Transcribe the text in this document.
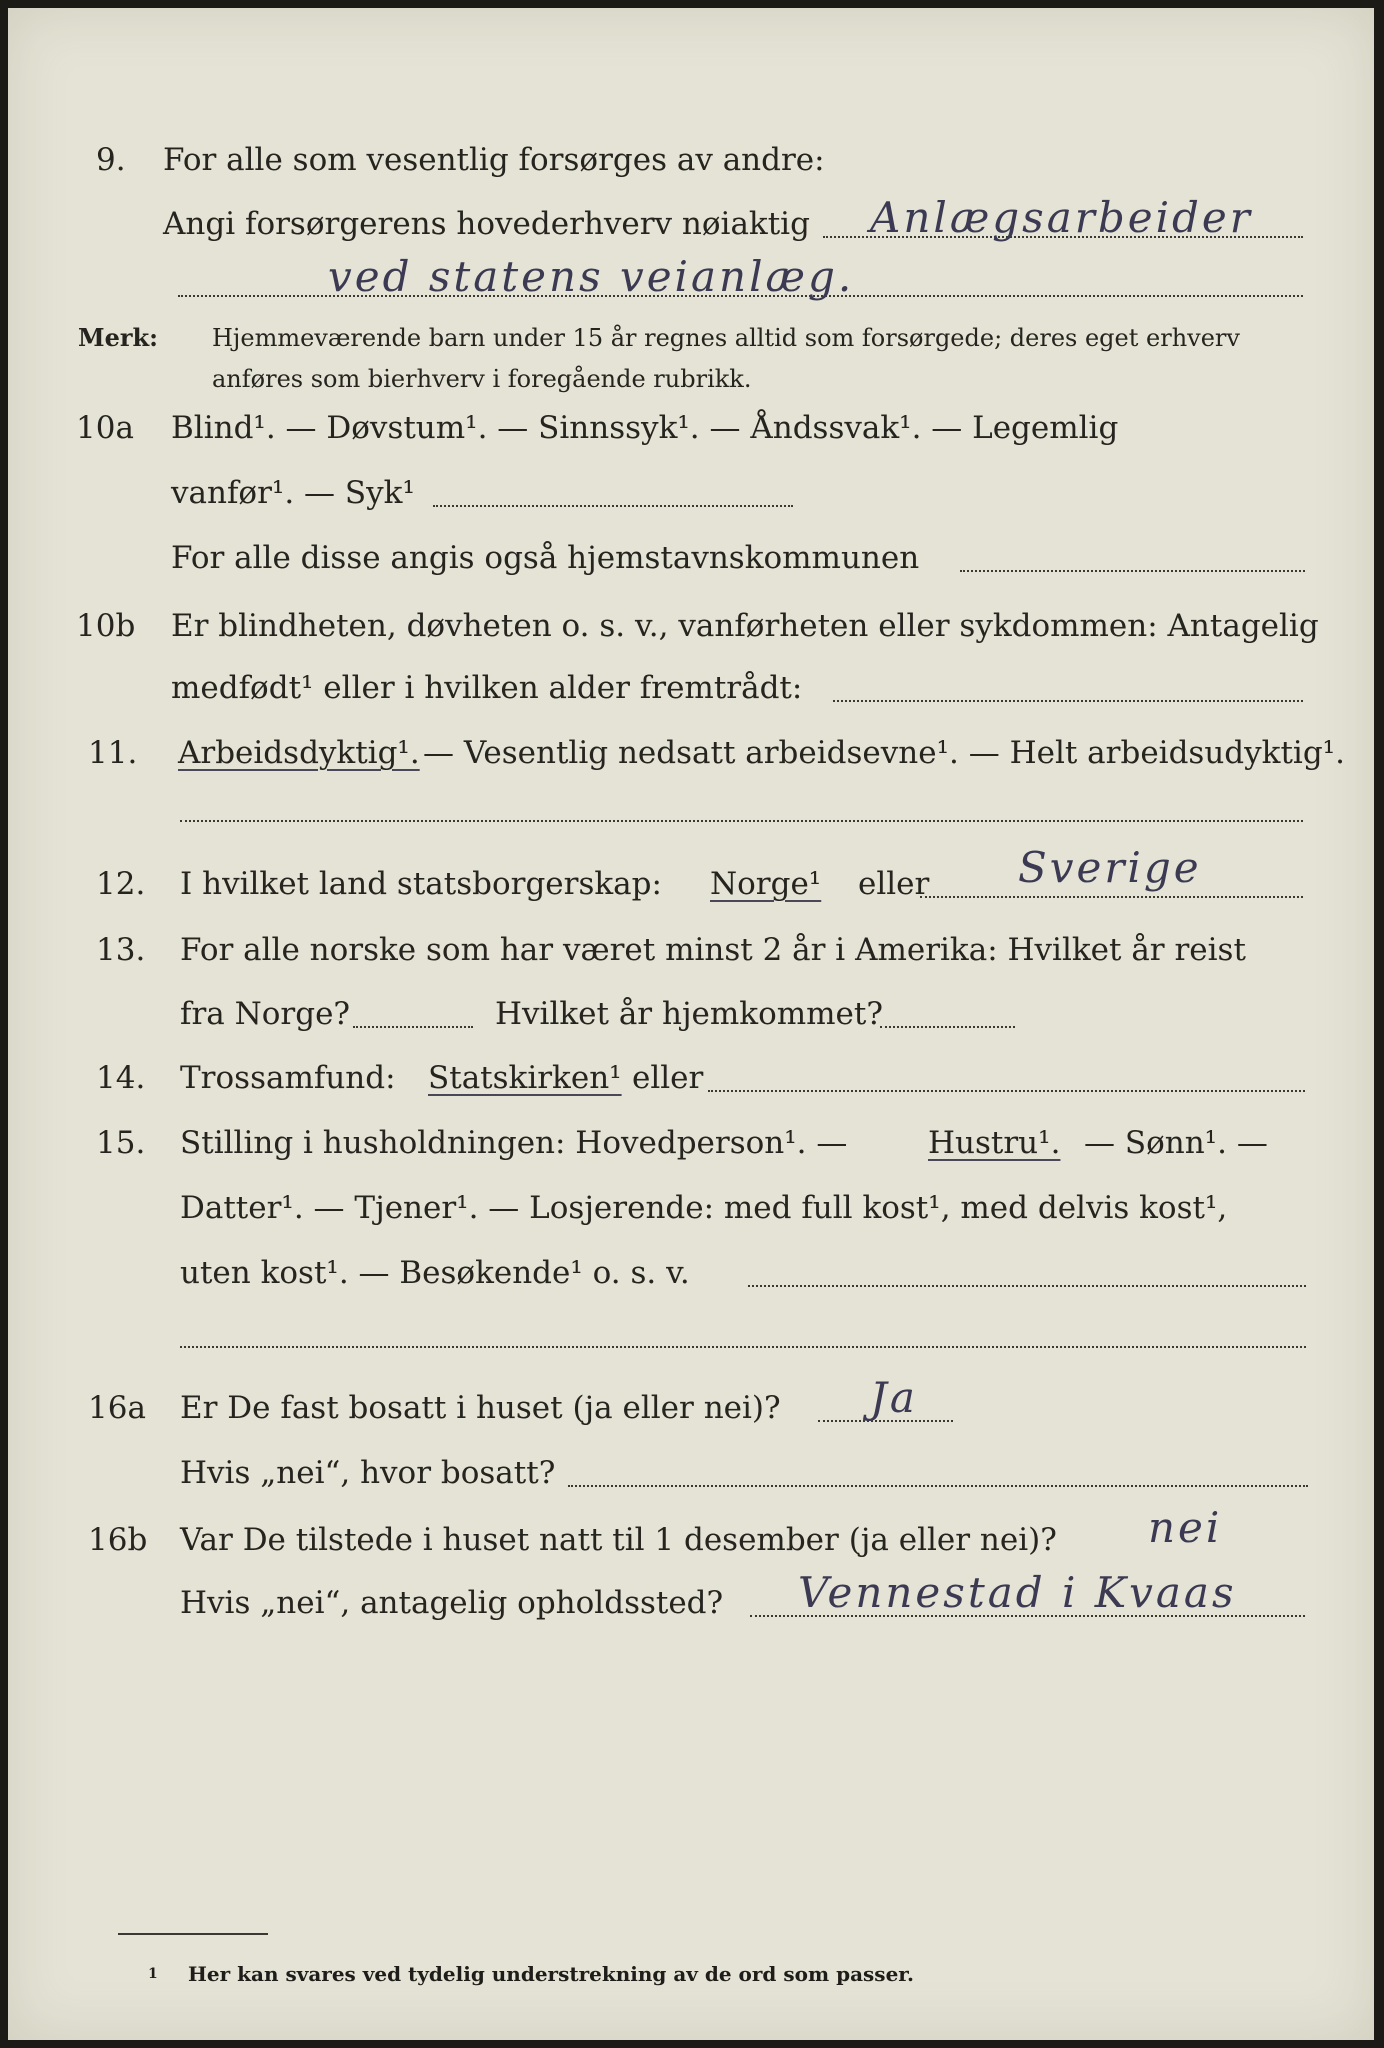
9. For alle som vesentlig forsørges av andre:
Angi forsørgerens hovederhverv nøiaktig Anlægsarbeider
ved statens veianlæg.
Merk: Hjemmeværende barn under 15 år regnes alltid som forsørgede; deres eget erhverv
anføres som bierhverv i foregående rubrikk.
10a Blind¹. — Døvstum¹. — Sinnssyk¹. — Åndssvak¹. — Legemlig
vanfør¹. — Syk¹
For alle disse angis også hjemstavnskommunen
10b Er blindheten, døvheten o. s. v., vanførheten eller sykdommen: Antagelig
medfødt¹ eller i hvilken alder fremtrådt:
11. Arbeidsdyktig¹. — Vesentlig nedsatt arbeidsevne¹. — Helt arbeidsudyktig¹.
12. I hvilket land statsborgerskap: Norge¹ eller Sverige
13. For alle norske som har været minst 2 år i Amerika: Hvilket år reist
fra Norge?	Hvilket år hjemkommet?
14. Trossamfund: Statskirken¹ eller
15. Stilling i husholdningen: Hovedperson¹. —	Hustru¹. — Sønn¹. —
Datter¹. — Tjener¹. — Losjerende: med full kost¹, med delvis kost¹,
uten kost¹. — Besøkende¹ o. s. v.
16a Er De fast bosatt i huset (ja eller nei)? Ja
Hvis „nei“, hvor bosatt?
16b Var De tilstede i huset natt til 1 desember (ja eller nei)? nei
Hvis „nei“, antagelig opholdssted? Vennestad i Kvaas
1 Her kan svares ved tydelig understrekning av de ord som passer.
